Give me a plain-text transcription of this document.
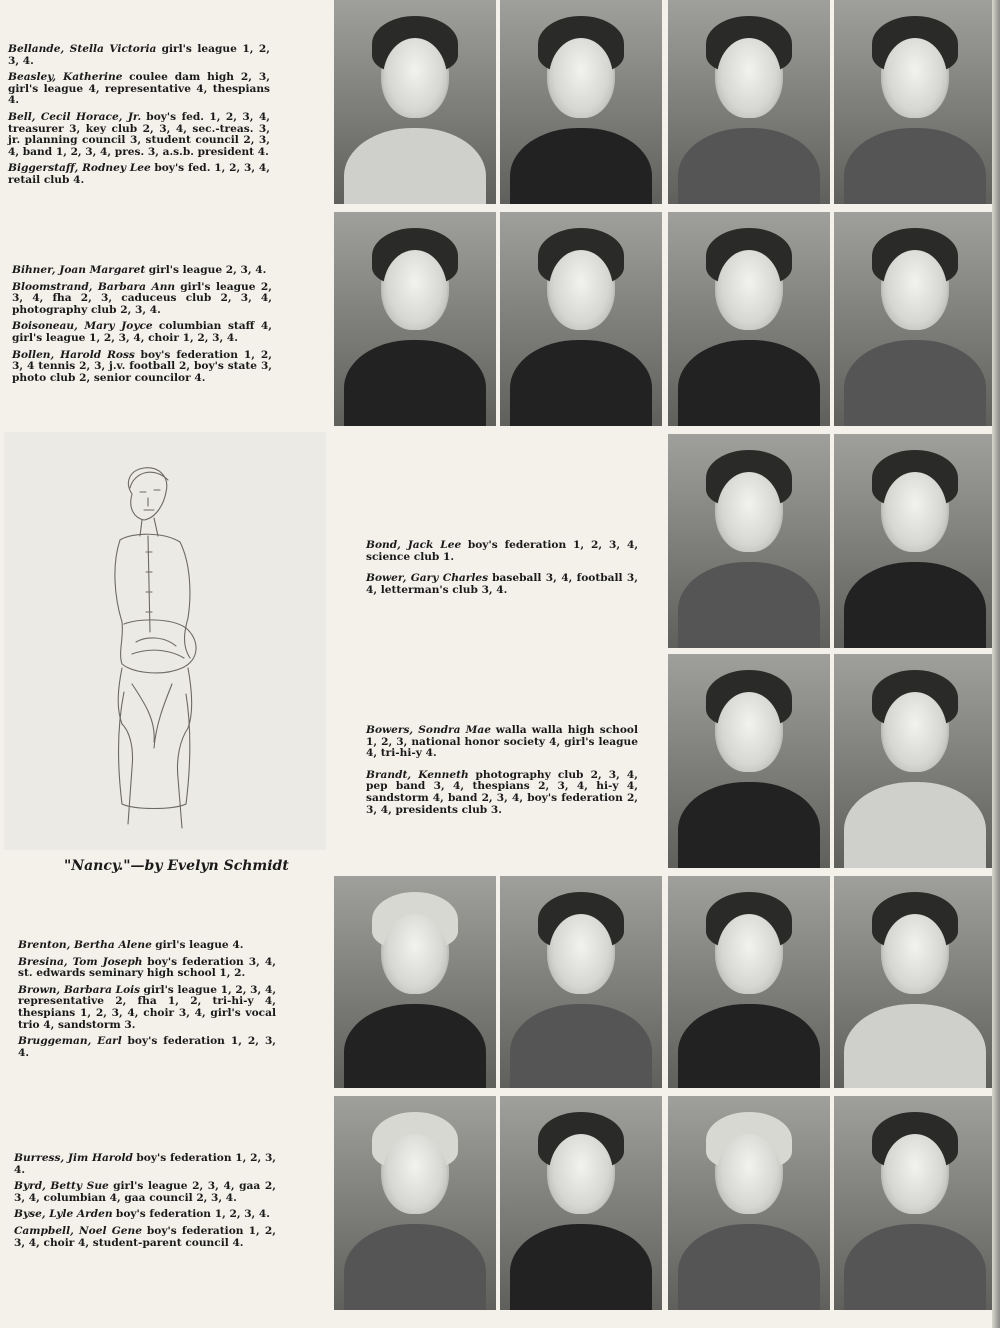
Bellande, Stella Victoria girl's league 1, 2, 3, 4.

Beasley, Katherine coulee dam high 2, 3, girl's league 4, representative 4, thespians 4.

Bell, Cecil Horace, Jr. boy's fed. 1, 2, 3, 4, treasurer 3, key club 2, 3, 4, sec.-treas. 3, jr. planning council 3, student council 2, 3, 4, band 1, 2, 3, 4, pres. 3, a.s.b. president 4.

Biggerstaff, Rodney Lee boy's fed. 1, 2, 3, 4, retail club 4.

Bihner, Joan Margaret girl's league 2, 3, 4.

Bloomstrand, Barbara Ann girl's league 2, 3, 4, fha 2, 3, caduceus club 2, 3, 4, photography club 2, 3, 4.

Boisoneau, Mary Joyce columbian staff 4, girl's league 1, 2, 3, 4, choir 1, 2, 3, 4.

Bollen, Harold Ross boy's federation 1, 2, 3, 4 tennis 2, 3, j.v. football 2, boy's state 3, photo club 2, senior councilor 4.

Bond, Jack Lee boy's federation 1, 2, 3, 4, science club 1.

Bower, Gary Charles baseball 3, 4, football 3, 4, letterman's club 3, 4.

Bowers, Sondra Mae walla walla high school 1, 2, 3, national honor society 4, girl's league 4, tri-hi-y 4.

Brandt, Kenneth photography club 2, 3, 4, pep band 3, 4, thespians 2, 3, 4, hi-y 4, sandstorm 4, band 2, 3, 4, boy's federation 2, 3, 4, presidents club 3.

Brenton, Bertha Alene girl's league 4.

Bresina, Tom Joseph boy's federation 3, 4, st. edwards seminary high school 1, 2.

Brown, Barbara Lois girl's league 1, 2, 3, 4, representative 2, fha 1, 2, tri-hi-y 4, thespians 1, 2, 3, 4, choir 3, 4, girl's vocal trio 4, sandstorm 3.

Bruggeman, Earl boy's federation 1, 2, 3, 4.

Burress, Jim Harold boy's federation 1, 2, 3, 4.

Byrd, Betty Sue girl's league 2, 3, 4, gaa 2, 3, 4, columbian 4, gaa council 2, 3, 4.

Byse, Lyle Arden boy's federation 1, 2, 3, 4.

Campbell, Noel Gene boy's federation 1, 2, 3, 4, choir 4, student-parent council 4.

"Nancy."—by Evelyn Schmidt
